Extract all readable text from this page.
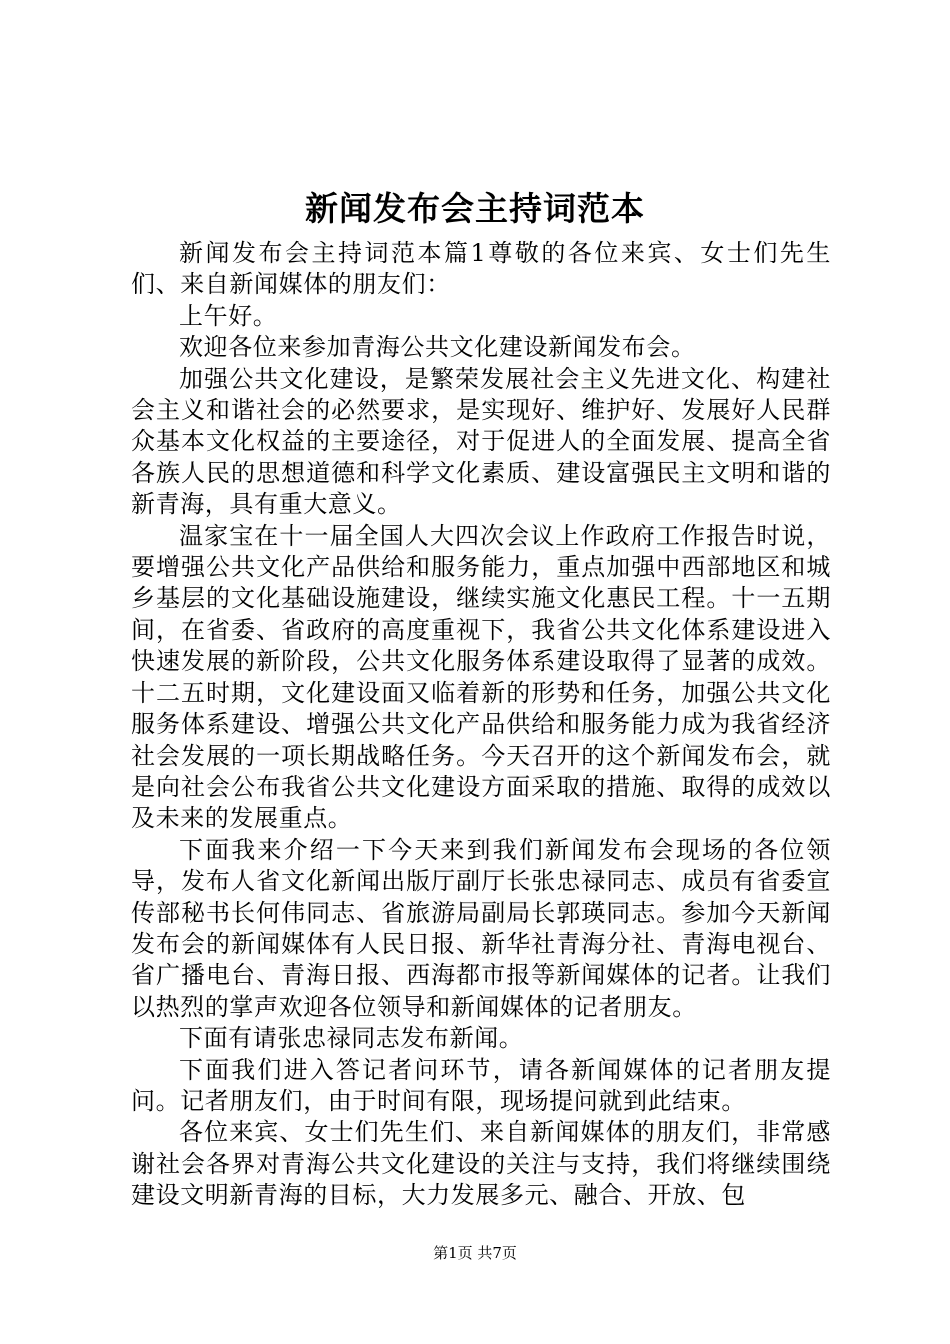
新闻发布会主持词范本

新闻发布会主持词范本篇1尊敬的各位来宾、女士们先生们、来自新闻媒体的朋友们：

上午好。

欢迎各位来参加青海公共文化建设新闻发布会。

加强公共文化建设，是繁荣发展社会主义先进文化、构建社会主义和谐社会的必然要求，是实现好、维护好、发展好人民群众基本文化权益的主要途径，对于促进人的全面发展、提高全省各族人民的思想道德和科学文化素质、建设富强民主文明和谐的新青海，具有重大意义。

温家宝在十一届全国人大四次会议上作政府工作报告时说，要增强公共文化产品供给和服务能力，重点加强中西部地区和城乡基层的文化基础设施建设，继续实施文化惠民工程。十一五期间，在省委、省政府的高度重视下，我省公共文化体系建设进入快速发展的新阶段，公共文化服务体系建设取得了显著的成效。十二五时期，文化建设面又临着新的形势和任务，加强公共文化服务体系建设、增强公共文化产品供给和服务能力成为我省经济社会发展的一项长期战略任务。今天召开的这个新闻发布会，就是向社会公布我省公共文化建设方面采取的措施、取得的成效以及未来的发展重点。

下面我来介绍一下今天来到我们新闻发布会现场的各位领导，发布人省文化新闻出版厅副厅长张忠禄同志、成员有省委宣传部秘书长何伟同志、省旅游局副局长郭瑛同志。参加今天新闻发布会的新闻媒体有人民日报、新华社青海分社、青海电视台、省广播电台、青海日报、西海都市报等新闻媒体的记者。让我们以热烈的掌声欢迎各位领导和新闻媒体的记者朋友。

下面有请张忠禄同志发布新闻。

下面我们进入答记者问环节，请各新闻媒体的记者朋友提问。记者朋友们，由于时间有限，现场提问就到此结束。

各位来宾、女士们先生们、来自新闻媒体的朋友们，非常感谢社会各界对青海公共文化建设的关注与支持，我们将继续围绕建设文明新青海的目标，大力发展多元、融合、开放、包

第1页 共7页
